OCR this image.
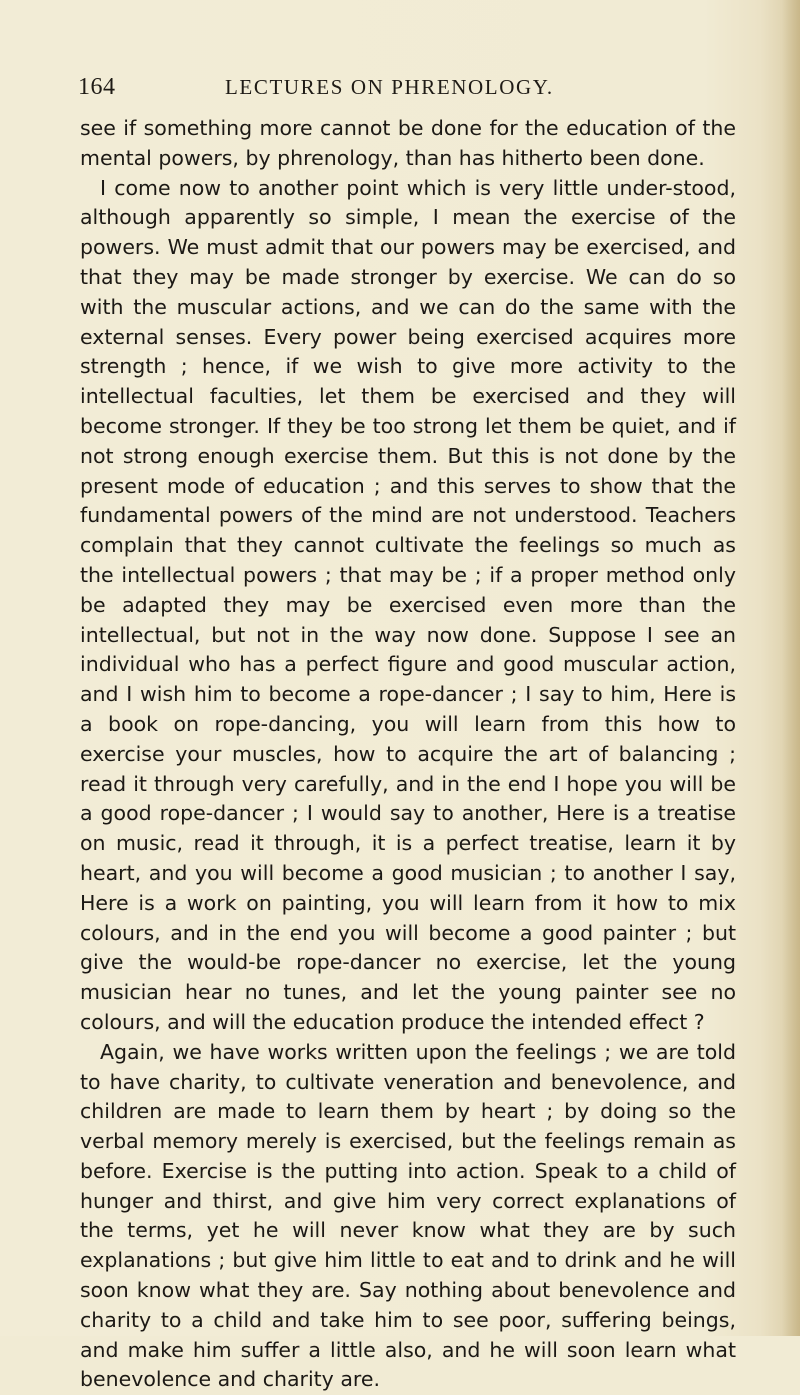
164	LECTURES ON PHRENOLOGY.

see if something more cannot be done for the education of the mental powers, by phrenology, than has hitherto been done.

I come now to another point which is very little under-stood, although apparently so simple, I mean the exercise of the powers. We must admit that our powers may be exercised, and that they may be made stronger by exercise. We can do so with the muscular actions, and we can do the same with the external senses. Every power being exercised acquires more strength ; hence, if we wish to give more activity to the intellectual faculties, let them be exercised and they will become stronger. If they be too strong let them be quiet, and if not strong enough exercise them. But this is not done by the present mode of education ; and this serves to show that the fundamental powers of the mind are not understood. Teachers complain that they cannot cultivate the feelings so much as the intellectual powers ; that may be ; if a proper method only be adapted they may be exercised even more than the intellectual, but not in the way now done. Suppose I see an individual who has a perfect figure and good muscular action, and I wish him to become a rope-dancer ; I say to him, Here is a book on rope-dancing, you will learn from this how to exercise your muscles, how to acquire the art of balancing ; read it through very carefully, and in the end I hope you will be a good rope-dancer ; I would say to another, Here is a treatise on music, read it through, it is a perfect treatise, learn it by heart, and you will become a good musician ; to another I say, Here is a work on painting, you will learn from it how to mix colours, and in the end you will become a good painter ; but give the would-be rope-dancer no exercise, let the young musician hear no tunes, and let the young painter see no colours, and will the education produce the intended effect ?

Again, we have works written upon the feelings ; we are told to have charity, to cultivate veneration and benevolence, and children are made to learn them by heart ; by doing so the verbal memory merely is exercised, but the feelings remain as before. Exercise is the putting into action. Speak to a child of hunger and thirst, and give him very correct explanations of the terms, yet he will never know what they are by such explanations ; but give him little to eat and to drink and he will soon know what they are. Say nothing about benevolence and charity to a child and take him to see poor, suffering beings, and make him suffer a little also, and he will soon learn what benevolence and charity are.
